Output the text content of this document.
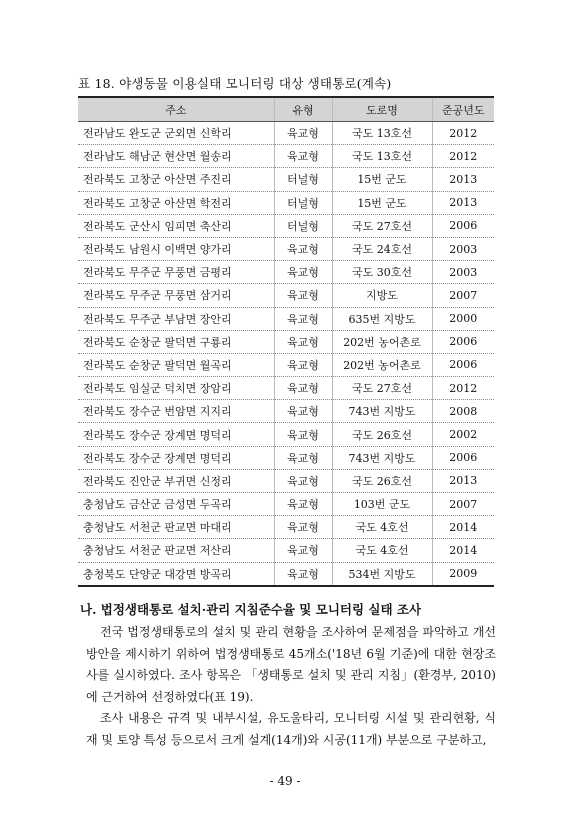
표 18. 야생동물 이용실태 모니터링 대상 생태통로(계속)
주소	유형	도로명	준공년도
전라남도 완도군 군외면 신학리	육교형	국도 13호선	2012
전라남도 해남군 현산면 월송리	육교형	국도 13호선	2012
전라북도 고창군 아산면 주진리	터널형	15번 군도	2013
전라북도 고창군 아산면 학전리	터널형	15번 군도	2013
전라북도 군산시 임피면 축산리	터널형	국도 27호선	2006
전라북도 남원시 이백면 양가리	육교형	국도 24호선	2003
전라북도 무주군 무풍면 금평리	육교형	국도 30호선	2003
전라북도 무주군 무풍면 삼거리	육교형	지방도	2007
전라북도 무주군 부남면 장안리	육교형	635번 지방도	2000
전라북도 순창군 팔덕면 구룡리	육교형	202번 농어촌로	2006
전라북도 순창군 팔덕면 월곡리	육교형	202번 농어촌로	2006
전라북도 임실군 덕치면 장암리	육교형	국도 27호선	2012
전라북도 장수군 번암면 지지리	육교형	743번 지방도	2008
전라북도 장수군 장계면 명덕리	육교형	국도 26호선	2002
전라북도 장수군 장계면 명덕리	육교형	743번 지방도	2006
전라북도 진안군 부귀면 신정리	육교형	국도 26호선	2013
충청남도 금산군 금성면 두곡리	육교형	103번 군도	2007
충청남도 서천군 판교면 마대리	육교형	국도 4호선	2014
충청남도 서천군 판교면 저산리	육교형	국도 4호선	2014
충청북도 단양군 대강면 방곡리	육교형	534번 지방도	2009
나. 법정생태통로 설치·관리 지침준수율 및 모니터링 실태 조사
전국 법정생태통로의 설치 및 관리 현황을 조사하여 문제점을 파악하고 개선방안을 제시하기 위하여 법정생태통로 45개소('18년 6월 기준)에 대한 현장조사를 실시하였다. 조사 항목은 「생태통로 설치 및 관리 지침」(환경부, 2010)에 근거하여 선정하였다(표 19).
조사 내용은 규격 및 내부시설, 유도울타리, 모니터링 시설 및 관리현황, 식재 및 토양 특성 등으로서 크게 설계(14개)와 시공(11개) 부분으로 구분하고,
- 49 -
